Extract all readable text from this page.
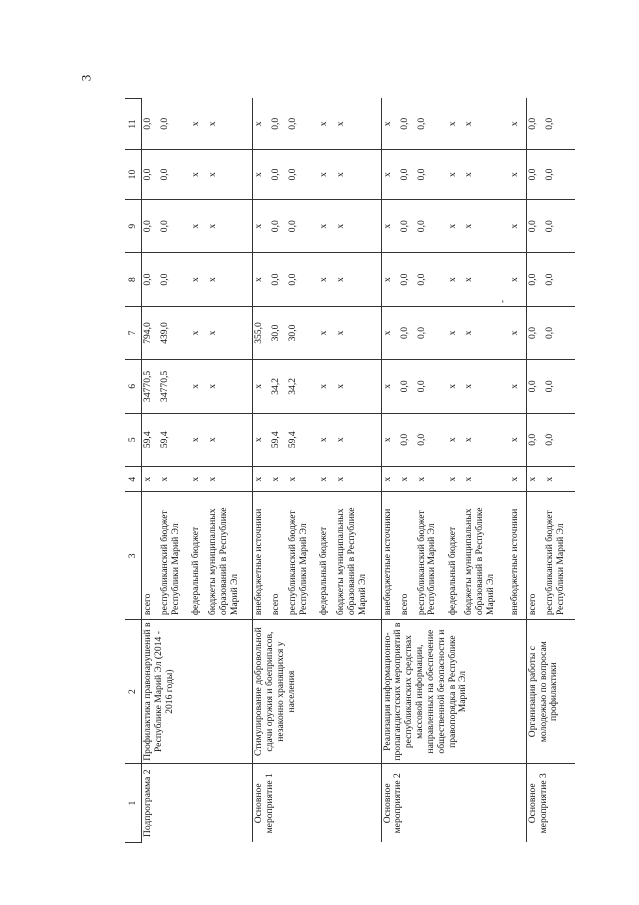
3
1	2	3	4	5	6	7	8	9	10	11
Подпрограмма 2	Профилактика правонарушений в Республике Марий Эл (2014 - 2016 годы)	всего	x	59,4	34770,5	794,0	0,0	0,0	0,0	0,0
		республиканский бюджет Республики Марий Эл	x	59,4	34770,5	439,0	0,0	0,0	0,0	0,0
		федеральный бюджет	x	x	x	x	x	x	x	x
		бюджеты муниципальных образований в Республике Марий Эл	x	x	x	x	x	x	x	x
Основное мероприятие 1	Стимулирование добровольной сдачи оружия и боеприпасов, незаконно хранящихся у населения	внебюджетные источники	x	x	x	355,0	x	x	x	x
		всего	x	59,4	34,2	30,0	0,0	0,0	0,0	0,0
		республиканский бюджет Республики Марий Эл	x	59,4	34,2	30,0	0,0	0,0	0,0	0,0
		федеральный бюджет	x	x	x	x	x	x	x	x
		бюджеты муниципальных образований в Республике Марий Эл	x	x	x	x	x	x	x	x
Основное мероприятие 2	Реализация информационно-пропагандистских мероприятий в республиканских средствах массовой информации, направленных на обеспечение общественной безопасности и правопорядка в Республике Марий Эл	внебюджетные источники	x	x	x	x	x	x	x	x
		всего	x	0,0	0,0	0,0	0,0	0,0	0,0	0,0
		республиканский бюджет Республики Марий Эл	x	0,0	0,0	0,0	0,0	0,0	0,0	0,0
		федеральный бюджет	x	x	x	x	x	x	x	x
		бюджеты муниципальных образований в Республике Марий Эл	x	x	x	x	x	x	x	x
		внебюджетные источники	x	x	x	x	x	x	x	x
Основное мероприятие 3	Организация работы с молодежью по вопросам профилактики	всего	x	0,0	0,0	0,0	0,0	0,0	0,0	0,0
		республиканский бюджет Республики Марий Эл	x	0,0	0,0	0,0	0,0	0,0	0,0	0,0
-
